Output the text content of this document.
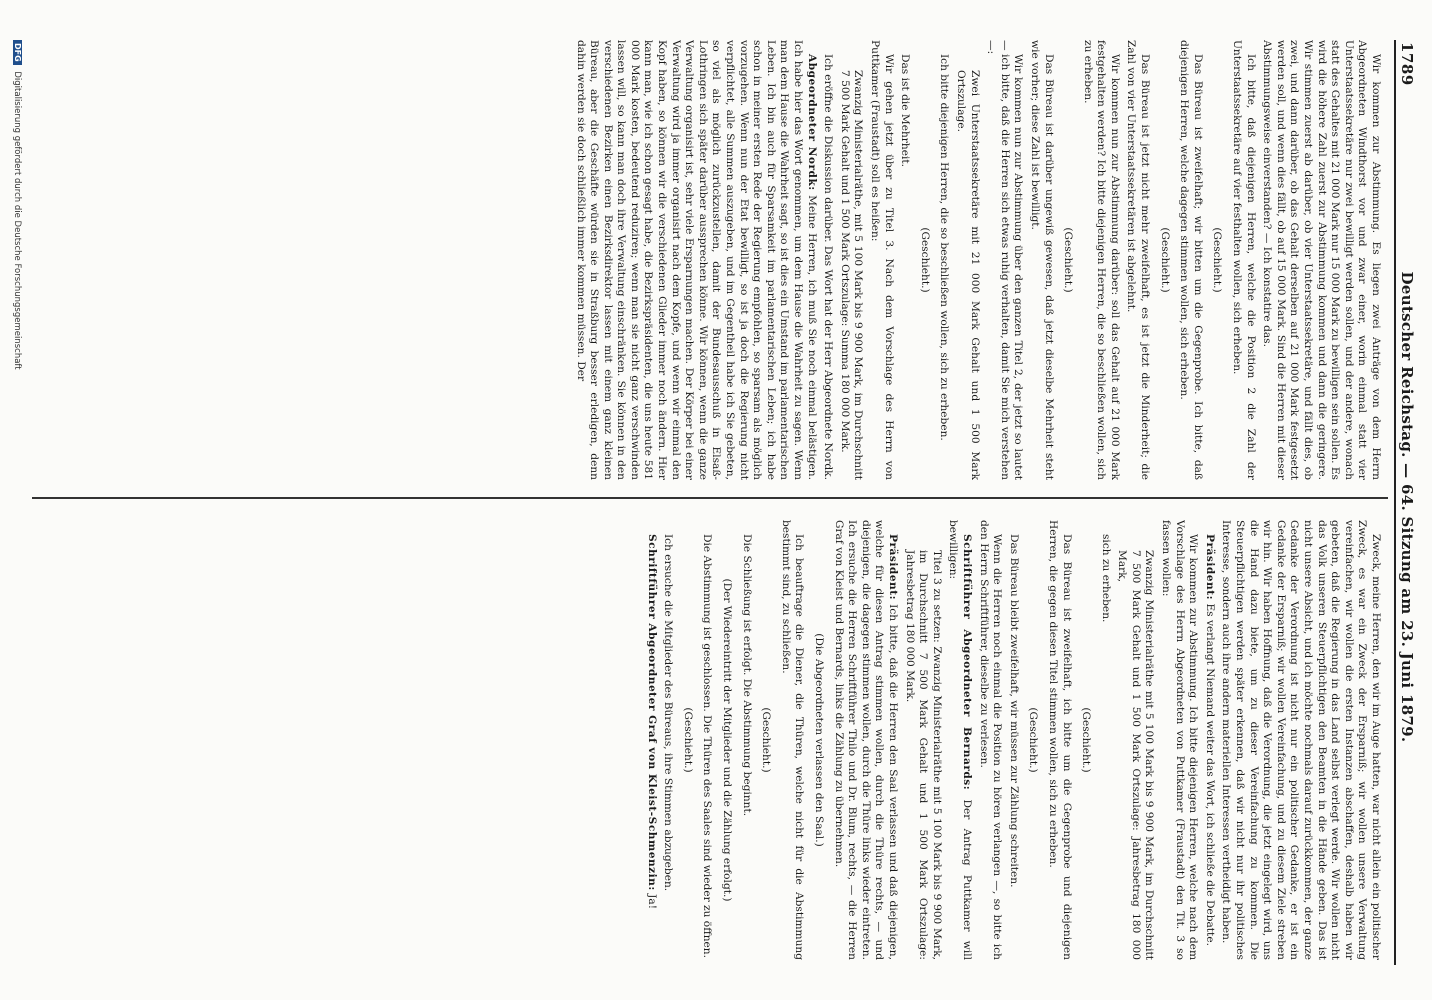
1789
Deutscher Reichstag. — 64. Sitzung am 23. Juni 1879.

Wir kommen zur Abstimmung. Es liegen zwei Anträge von dem Herrn Abgeordneten Windthorst vor und zwar einer, worin einmal statt vier Unterstaatssekretäre nur zwei bewilligt werden sollen, und der andere, wonach statt des Gehaltes mit 21 000 Mark nur 15 000 Mark zu bewilligen sein sollen. Es wird die höhere Zahl zuerst zur Abstimmung kommen und dann die geringere. Wir stimmen zuerst ab darüber, ob vier Unterstaatssekretäre, und fällt dies, ob zwei, und dann darüber, ob das Gehalt derselben auf 21 000 Mark festgesetzt werden soll, und wenn dies fällt, ob auf 15 000 Mark. Sind die Herren mit dieser Abstimmungsweise einverstanden? — Ich konstatire das.

Ich bitte, daß diejenigen Herren, welche die Position 2 die Zahl der Unterstaatssekretäre auf vier festhalten wollen, sich erheben.

(Geschieht.)

Das Büreau ist zweifelhaft; wir bitten um die Gegenprobe. Ich bitte, daß diejenigen Herren, welche dagegen stimmen wollen, sich erheben.

(Geschieht.)

Das Büreau ist jetzt nicht mehr zweifelhaft, es ist jetzt die Minderheit; die Zahl von vier Unterstaatssekretären ist abgelehnt.

Wir kommen nun zur Abstimmung darüber: soll das Gehalt auf 21 000 Mark festgehalten werden? Ich bitte diejenigen Herren, die so beschließen wollen, sich zu erheben.

(Geschieht.)

Das Büreau ist darüber ungewiß gewesen, daß jetzt dieselbe Mehrheit steht wie vorher; diese Zahl ist bewilligt.

Wir kommen nun zur Abstimmung über den ganzen Titel 2, der jetzt so lautet — ich bitte, daß die Herren sich etwas ruhig verhalten, damit Sie mich verstehen —:

Zwei Unterstaatssekretäre mit 21 000 Mark Gehalt und 1 500 Mark Ortszulage.

Ich bitte diejenigen Herren, die so beschließen wollen, sich zu erheben.

(Geschieht.)

Das ist die Mehrheit.

Wir gehen jetzt über zu Titel 3. Nach dem Vorschlage des Herrn von Puttkamer (Fraustadt) soll es heißen:

Zwanzig Ministerialräthe, mit 5 100 Mark bis 9 900 Mark, im Durchschnitt 7 500 Mark Gehalt und 1 500 Mark Ortszulage: Summa 180 000 Mark.

Ich eröffne die Diskussion darüber. Das Wort hat der Herr Abgeordnete Nordk.

Abgeordneter Nordk: Meine Herren, ich muß Sie noch einmal belästigen. Ich habe hier das Wort genommen, um dem Hause die Wahrheit zu sagen. Wenn man dem Hause die Wahrheit sagt, so ist dies ein Umstand im parlamentarischen Leben. Ich bin auch für Sparsamkeit im parlamentarischen Leben; ich habe schon in meiner ersten Rede der Regierung empfohlen, so sparsam als möglich vorzugehen. Wenn nun der Etat bewilligt, so ist ja doch die Regierung nicht verpflichtet, alle Summen auszugeben, und im Gegentheil habe ich Sie gebeten, so viel als möglich zurückzustellen, damit der Bundesausschuß in Elsaß-Lothringen sich später darüber aussprechen könne. Wir können, wenn die ganze Verwaltung organisirt ist, sehr viele Ersparnungen machen. Der Körper bei einer Verwaltung wird ja immer organisirt nach dem Kopfe, und wenn wir einmal den Kopf haben, so können wir die verschiedenen Glieder immer noch ändern. Hier kann man, wie ich schon gesagt habe, die Bezirkspräsidenten, die uns heute 581 000 Mark kosten, bedeutend reduziren; wenn man sie nicht ganz verschwinden lassen will, so kann man doch ihre Verwaltung einschränken. Sie können in den verschiedenen Bezirken einen Bezirksdirektor lassen mit einem ganz kleinen Büreau, aber die Geschäfte würden sie in Straßburg besser erledigen, denn dahin werden sie doch schließlich immer kommen müssen. Der

Zweck, meine Herren, den wir im Auge hatten, war nicht allein ein politischer Zweck, es war ein Zweck der Ersparniß; wir wollen unsere Verwaltung vereinfachen, wir wollen die ersten Instanzen abschaffen, deshalb haben wir gebeten, daß die Regierung in das Land selbst verlegt werde. Wir wollen nicht das Volk unseren Steuerpflichtigen den Beamten in die Hände geben. Das ist nicht unsere Absicht, und ich möchte nochmals darauf zurückkommen, der ganze Gedanke der Verordnung ist nicht nur ein politischer Gedanke, er ist ein Gedanke der Ersparniß; wir wollen Vereinfachung, und zu diesem Ziele streben wir hin. Wir haben Hoffnung, daß die Verordnung, die jetzt eingelegt wird, uns die Hand dazu biete, um zu dieser Vereinfachung zu kommen. Die Steuerpflichtigen werden später erkennen, daß wir nicht nur ihr politisches Interesse, sondern auch ihre andern materiellen Interessen vertheidigt haben.

Präsident: Es verlangt Niemand weiter das Wort, ich schließe die Debatte.

Wir kommen zur Abstimmung. Ich bitte diejenigen Herren, welche nach dem Vorschlage des Herrn Abgeordneten von Puttkamer (Fraustadt) den Tit. 3 so fassen wollen:

Zwanzig Ministerialräthe mit 5 100 Mark bis 9 900 Mark, im Durchschnitt 7 500 Mark Gehalt und 1 500 Mark Ortszulage: Jahresbetrag 180 000 Mark,

sich zu erheben.

(Geschieht.)

Das Büreau ist zweifelhaft, ich bitte um die Gegenprobe und diejenigen Herren, die gegen diesen Titel stimmen wollen, sich zu erheben.

(Geschieht.)

Das Büreau bleibt zweifelhaft, wir müssen zur Zählung schreiten.

Wenn die Herren noch einmal die Position zu hören verlangen —, so bitte ich den Herrn Schriftführer, dieselbe zu verlesen.

Schriftführer Abgeordneter Bernards: Der Antrag Puttkamer will bewilligen:

Titel 3 zu setzen: Zwanzig Ministerialräthe mit 5 100 Mark bis 9 900 Mark, im Durchschnitt 7 500 Mark Gehalt und 1 500 Mark Ortszulage: Jahresbetrag 180 000 Mark.

Präsident: Ich bitte, daß die Herren den Saal verlassen und daß diejenigen, welche für diesen Antrag stimmen wollen, durch die Thüre rechts, — und diejenigen, die dagegen stimmen wollen, durch die Thüre links wieder eintreten. Ich ersuche die Herren Schriftführer Thilo und Dr. Blum, rechts, — die Herren Graf von Kleist und Bernards, links die Zählung zu übernehmen.

(Die Abgeordneten verlassen den Saal.)

Ich beauftrage die Diener, die Thüren, welche nicht für die Abstimmung bestimmt sind, zu schließen.

(Geschieht.)

Die Schließung ist erfolgt. Die Abstimmung beginnt.

(Der Wiedereintritt der Mitglieder und die Zählung erfolgt.)

Die Abstimmung ist geschlossen. Die Thüren des Saales sind wieder zu öffnen.

(Geschieht.)

Ich ersuche die Mitglieder des Büreaus, ihre Stimmen abzugeben.

Schriftführer Abgeordneter Graf von Kleist-Schmenzin: Ja!

DFG Digitalisierung gefördert durch die Deutsche Forschungsgemeinschaft
